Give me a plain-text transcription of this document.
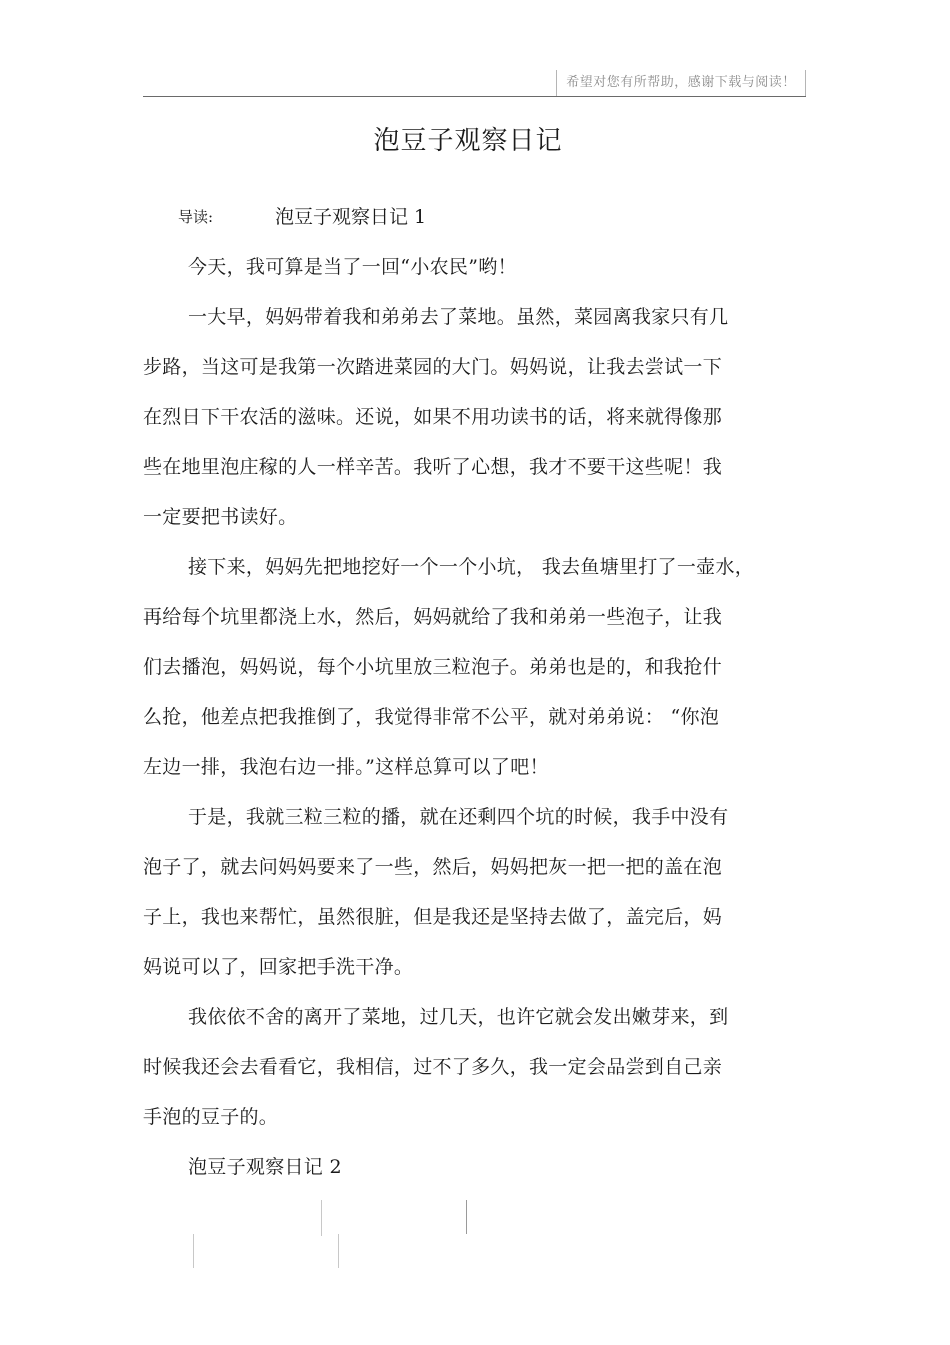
希望对您有所帮助，感谢下载与阅读！
泡豆子观察日记
导读:	泡豆子观察日记 1
今天，我可算是当了一回“小农民”哟！
一大早，妈妈带着我和弟弟去了菜地。虽然，菜园离我家只有几
步路，当这可是我第一次踏进菜园的大门。妈妈说，让我去尝试一下
在烈日下干农活的滋味。还说，如果不用功读书的话，将来就得像那
些在地里泡庄稼的人一样辛苦。我听了心想，我才不要干这些呢！我
一定要把书读好。
接下来，妈妈先把地挖好一个一个小坑， 我去鱼塘里打了一壶水，
再给每个坑里都浇上水，然后，妈妈就给了我和弟弟一些泡子，让我
们去播泡，妈妈说，每个小坑里放三粒泡子。弟弟也是的，和我抢什
么抢，他差点把我推倒了，我觉得非常不公平，就对弟弟说： “你泡
左边一排，我泡右边一排。”这样总算可以了吧！
于是，我就三粒三粒的播，就在还剩四个坑的时候，我手中没有
泡子了，就去问妈妈要来了一些，然后，妈妈把灰一把一把的盖在泡
子上，我也来帮忙，虽然很脏，但是我还是坚持去做了，盖完后，妈
妈说可以了，回家把手洗干净。
我依依不舍的离开了菜地，过几天，也许它就会发出嫩芽来，到
时候我还会去看看它，我相信，过不了多久，我一定会品尝到自己亲
手泡的豆子的。
泡豆子观察日记 2
